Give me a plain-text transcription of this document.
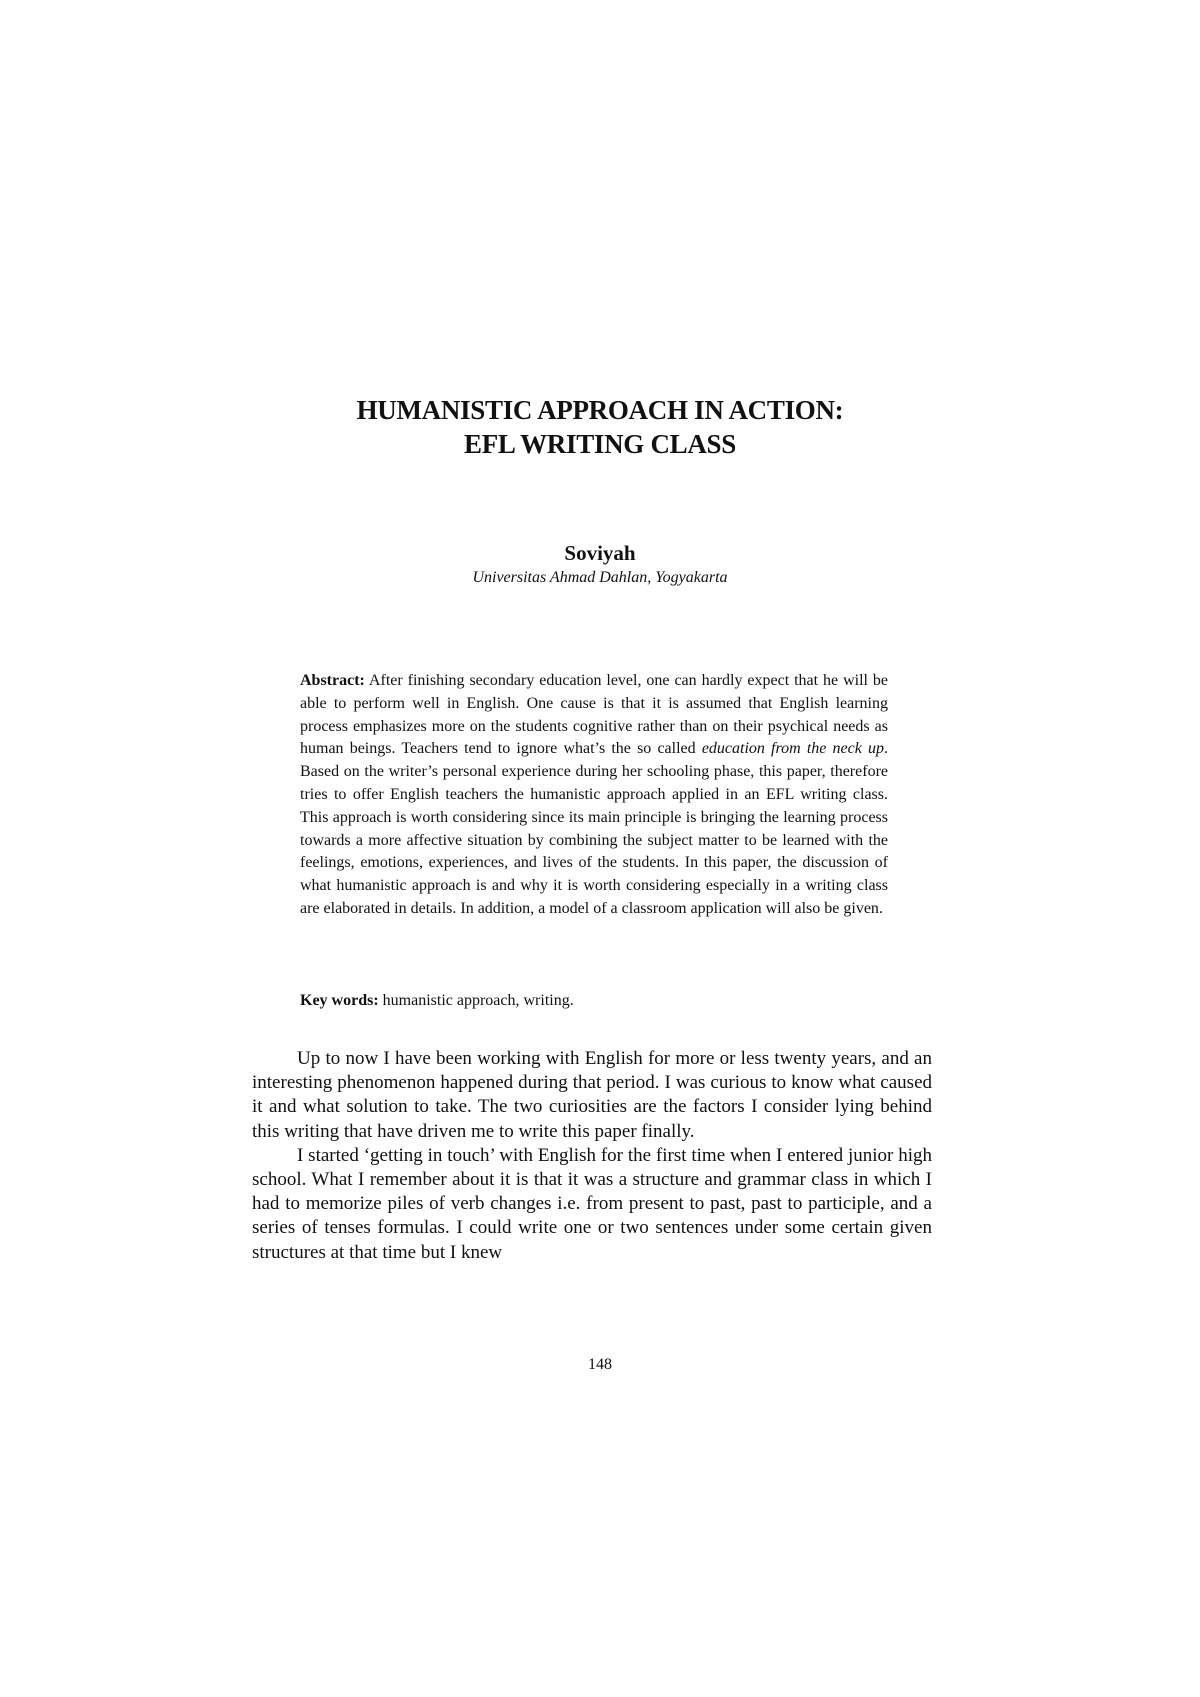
HUMANISTIC APPROACH IN ACTION:
EFL WRITING CLASS
Soviyah
Universitas Ahmad Dahlan, Yogyakarta

Abstract: After finishing secondary education level, one can hardly expect that he will be able to perform well in English. One cause is that it is assumed that English learning process emphasizes more on the students cognitive rather than on their psychical needs as human beings. Teachers tend to ignore what’s the so called education from the neck up. Based on the writer’s personal experience during her schooling phase, this paper, therefore tries to offer English teachers the humanistic approach applied in an EFL writing class. This approach is worth considering since its main principle is bringing the learning process towards a more affective situation by combining the subject matter to be learned with the feelings, emotions, experiences, and lives of the students. In this paper, the discussion of what humanistic approach is and why it is worth considering especially in a writing class are elaborated in details. In addition, a model of a classroom application will also be given.

Key words: humanistic approach, writing.

Up to now I have been working with English for more or less twenty years, and an interesting phenomenon happened during that period. I was curious to know what caused it and what solution to take. The two curiosities are the factors I consider lying behind this writing that have driven me to write this paper finally.

I started ‘getting in touch’ with English for the first time when I entered junior high school. What I remember about it is that it was a structure and grammar class in which I had to memorize piles of verb changes i.e. from present to past, past to participle, and a series of tenses formulas. I could write one or two sentences under some certain given structures at that time but I knew

148
